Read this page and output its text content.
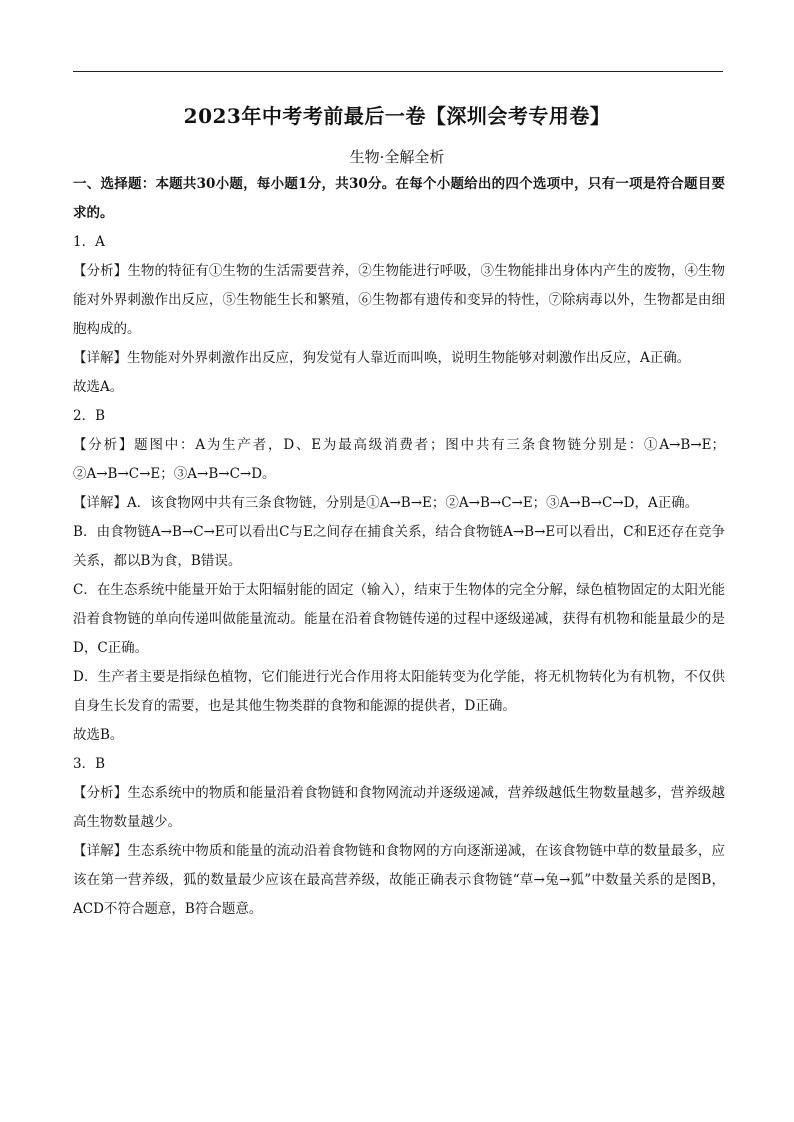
2023年中考考前最后一卷【深圳会考专用卷】
生物·全解全析

一、选择题：本题共30小题，每小题1分，共30分。在每个小题给出的四个选项中，只有一项是符合题目要求的。

1．A

【分析】生物的特征有①生物的生活需要营养，②生物能进行呼吸，③生物能排出身体内产生的废物，④生物能对外界刺激作出反应，⑤生物能生长和繁殖，⑥生物都有遗传和变异的特性，⑦除病毒以外，生物都是由细胞构成的。

【详解】生物能对外界刺激作出反应，狗发觉有人靠近而叫唤，说明生物能够对刺激作出反应，A正确。

故选A。

2．B

【分析】题图中：A为生产者，D、E为最高级消费者；图中共有三条食物链分别是：①A→B→E；②A→B→C→E；③A→B→C→D。

【详解】A．该食物网中共有三条食物链，分别是①A→B→E；②A→B→C→E；③A→B→C→D，A正确。

B．由食物链A→B→C→E可以看出C与E之间存在捕食关系，结合食物链A→B→E可以看出，C和E还存在竞争关系，都以B为食，B错误。

C．在生态系统中能量开始于太阳辐射能的固定（输入），结束于生物体的完全分解，绿色植物固定的太阳光能沿着食物链的单向传递叫做能量流动。能量在沿着食物链传递的过程中逐级递减，获得有机物和能量最少的是D，C正确。

D．生产者主要是指绿色植物，它们能进行光合作用将太阳能转变为化学能，将无机物转化为有机物，不仅供自身生长发育的需要，也是其他生物类群的食物和能源的提供者，D正确。

故选B。

3．B

【分析】生态系统中的物质和能量沿着食物链和食物网流动并逐级递减，营养级越低生物数量越多，营养级越高生物数量越少。

【详解】生态系统中物质和能量的流动沿着食物链和食物网的方向逐渐递减，在该食物链中草的数量最多，应该在第一营养级，狐的数量最少应该在最高营养级，故能正确表示食物链“草→兔→狐”中数量关系的是图B，ACD不符合题意，B符合题意。
